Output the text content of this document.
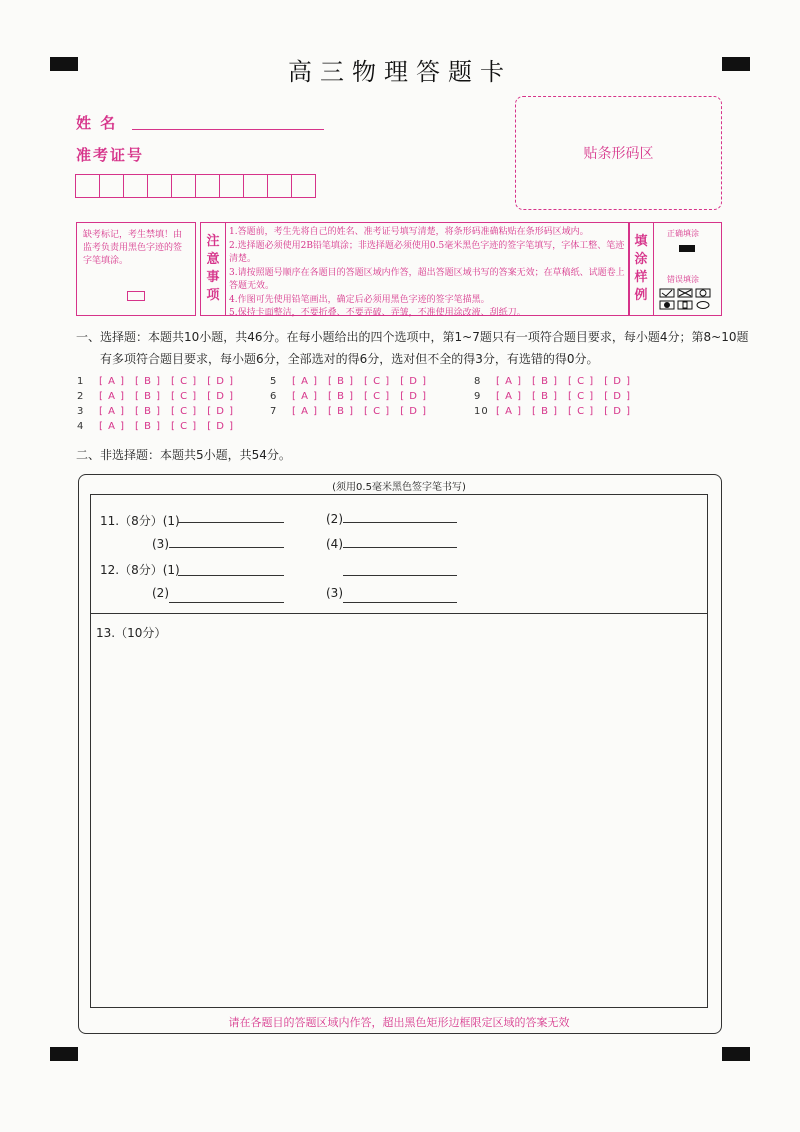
高三物理答题卡
姓 名
准考证号	贴条形码区
缺考标记，考生禁填！由监考负责用黑色字迹的签字笔填涂。
注
意
事
项
1.答题前，考生先将自己的姓名、准考证号填写清楚，将条形码准确粘贴在条形码区域内。
2.选择题必须使用2B铅笔填涂；非选择题必须使用0.5毫米黑色字迹的签字笔填写，字体工整、笔迹清楚。
3.请按照题号顺序在各题目的答题区域内作答，超出答题区域书写的答案无效；在草稿纸、试题卷上答题无效。
4.作图可先使用铅笔画出，确定后必须用黑色字迹的签字笔描黑。
5.保持卡面整洁，不要折叠、不要弄破、弄皱，不准使用涂改液、刮纸刀。
填
涂
样
例
正确填涂
错误填涂
一、选择题：本题共10小题，共46分。在每小题给出的四个选项中，第1~7题只有一项符合题目要求，每小题4分；第8~10题
有多项符合题目要求，每小题6分，全部选对的得6分，选对但不全的得3分，有选错的得0分。
1 [ A ] [ B ] [ C ] [ D ]
2 [ A ] [ B ] [ C ] [ D ]
3 [ A ] [ B ] [ C ] [ D ]
4 [ A ] [ B ] [ C ] [ D ]
5 [ A ] [ B ] [ C ] [ D ]
6 [ A ] [ B ] [ C ] [ D ]
7 [ A ] [ B ] [ C ] [ D ]
8 [ A ] [ B ] [ C ] [ D ]
9 [ A ] [ B ] [ C ] [ D ]
10 [ A ] [ B ] [ C ] [ D ]
二、非选择题：本题共5小题，共54分。
(须用0.5毫米黑色签字笔书写)
11.（8分）(1)	(2)
(3)	(4)
12.（8分）(1)
(2)	(3)
13.（10分）
请在各题目的答题区域内作答，超出黑色矩形边框限定区域的答案无效
